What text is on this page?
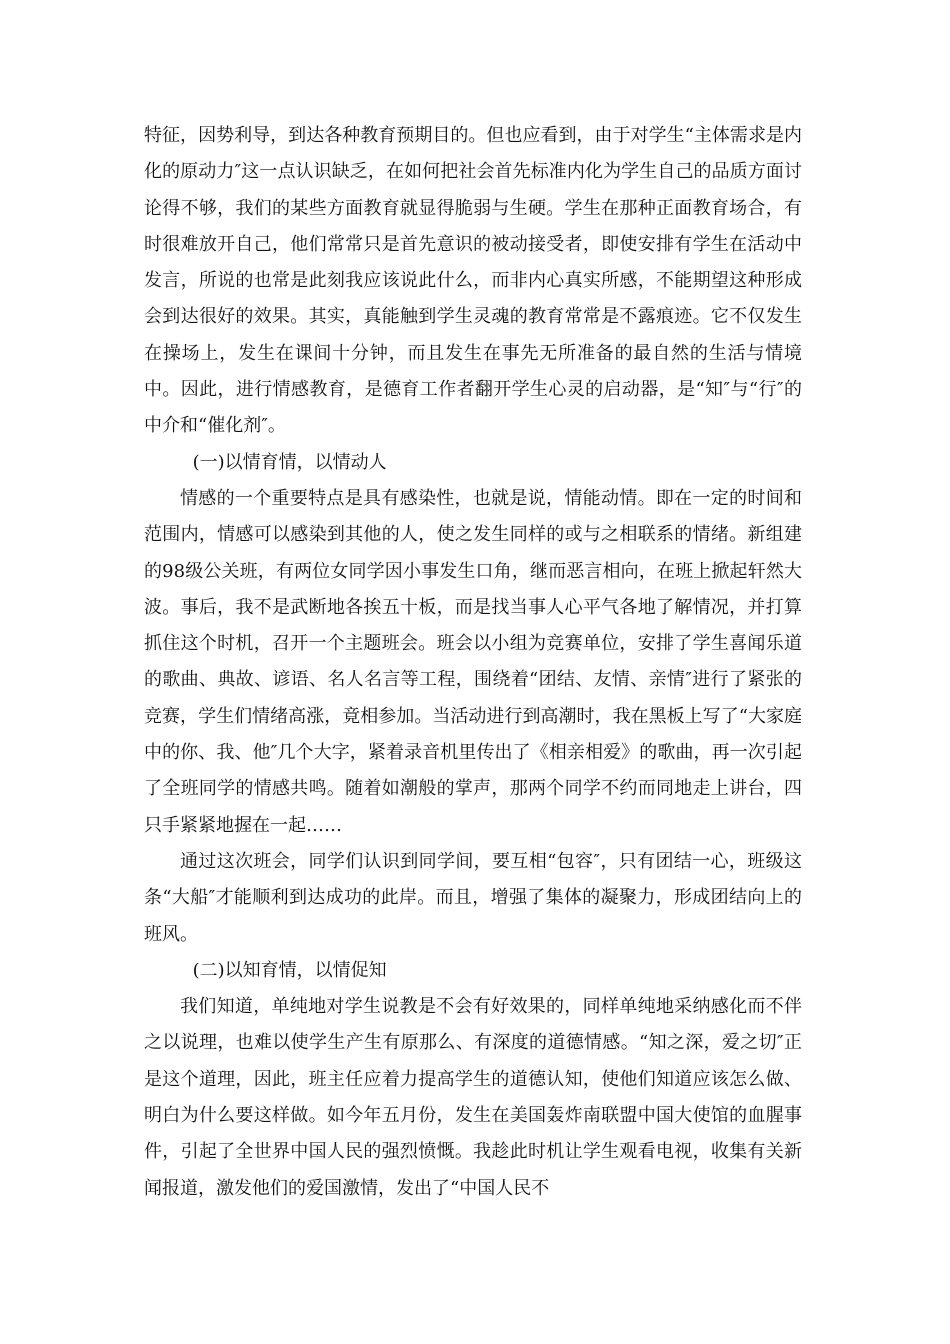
特征，因势利导，到达各种教育预期目的。但也应看到，由于对学生“主体需求是内化的原动力″这一点认识缺乏，在如何把社会首先标准内化为学生自己的品质方面讨论得不够，我们的某些方面教育就显得脆弱与生硬。学生在那种正面教育场合，有时很难放开自己，他们常常只是首先意识的被动接受者，即使安排有学生在活动中发言，所说的也常是此刻我应该说此什么，而非内心真实所感，不能期望这种形成会到达很好的效果。其实，真能触到学生灵魂的教育常常是不露痕迹。它不仅发生在操场上，发生在课间十分钟，而且发生在事先无所准备的最自然的生活与情境中。因此，进行情感教育，是德育工作者翻开学生心灵的启动器，是“知″与“行″的中介和“催化剂″。

(一)以情育情，以情动人

情感的一个重要特点是具有感染性，也就是说，情能动情。即在一定的时间和范围内，情感可以感染到其他的人，使之发生同样的或与之相联系的情绪。新组建的98级公关班，有两位女同学因小事发生口角，继而恶言相向，在班上掀起轩然大波。事后，我不是武断地各挨五十板，而是找当事人心平气各地了解情况，并打算抓住这个时机，召开一个主题班会。班会以小组为竞赛单位，安排了学生喜闻乐道的歌曲、典故、谚语、名人名言等工程，围绕着“团结、友情、亲情″进行了紧张的竞赛，学生们情绪高涨，竟相参加。当活动进行到高潮时，我在黑板上写了“大家庭中的你、我、他″几个大字，紧着录音机里传出了《相亲相爱》的歌曲，再一次引起了全班同学的情感共鸣。随着如潮般的掌声，那两个同学不约而同地走上讲台，四只手紧紧地握在一起……

通过这次班会，同学们认识到同学间，要互相“包容″，只有团结一心，班级这条“大船″才能顺利到达成功的此岸。而且，增强了集体的凝聚力，形成团结向上的班风。

(二)以知育情，以情促知

我们知道，单纯地对学生说教是不会有好效果的，同样单纯地采纳感化而不伴之以说理，也难以使学生产生有原那么、有深度的道德情感。“知之深，爱之切″正是这个道理，因此，班主任应着力提高学生的道德认知，使他们知道应该怎么做、明白为什么要这样做。如今年五月份，发生在美国轰炸南联盟中国大使馆的血腥事件，引起了全世界中国人民的强烈愤慨。我趁此时机让学生观看电视，收集有关新闻报道，激发他们的爱国激情，发出了“中国人民不
